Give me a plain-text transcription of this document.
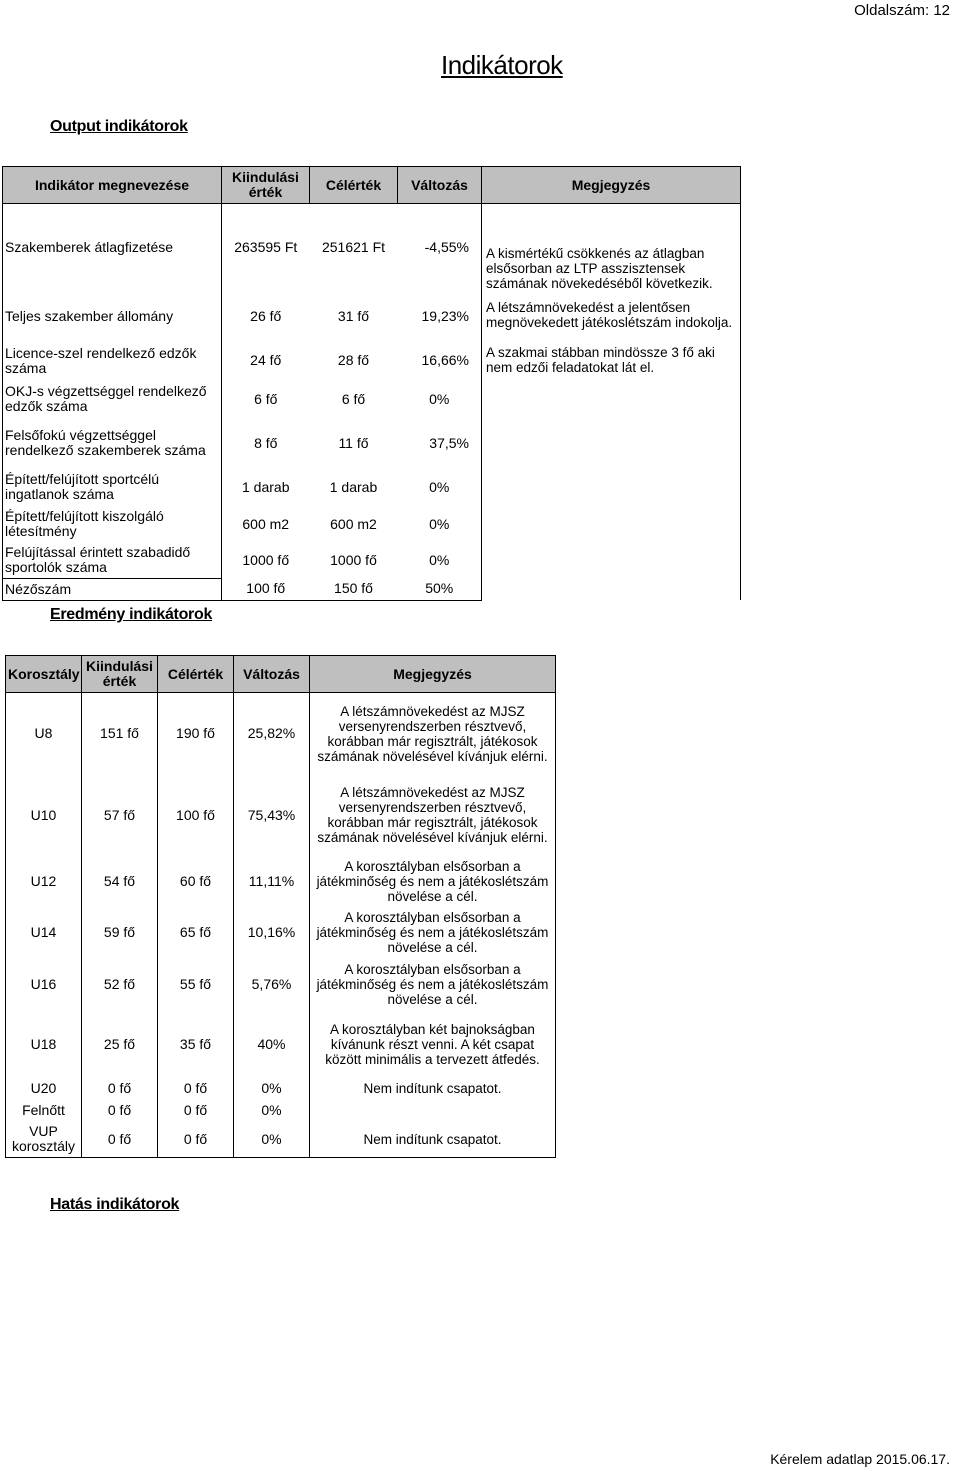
Oldalszám: 12
Indikátorok
Output indikátorok
Indikátor megnevezése	Kiindulási érték	Célérték	Változás	Megjegyzés
Szakemberek átlagfizetése	263595 Ft	251621 Ft	-4,55%	A kismértékű csökkenés az átlagban elsősorban az LTP asszisztensek számának növekedéséből következik.
Teljes szakember állomány	26 fő	31 fő	19,23%	A létszámnövekedést a jelentősen megnövekedett játékoslétszám indokolja.
Licence-szel rendelkező edzők száma	24 fő	28 fő	16,66%	A szakmai stábban mindössze 3 fő aki nem edzői feladatokat lát el.
OKJ-s végzettséggel rendelkező edzők száma	6 fő	6 fő	0%	
Felsőfokú végzettséggel rendelkező szakemberek száma	8 fő	11 fő	37,5%	
Épített/felújított sportcélú ingatlanok száma	1 darab	1 darab	0%	
Épített/felújított kiszolgáló létesítmény	600 m2	600 m2	0%	
Felújítással érintett szabadidő sportolók száma	1000 fő	1000 fő	0%	
Nézőszám	100 fő	150 fő	50%	
Eredmény indikátorok
Korosztály	Kiindulási érték	Célérték	Változás	Megjegyzés
U8	151 fő	190 fő	25,82%	A létszámnövekedést az MJSZ versenyrendszerben résztvevő, korábban már regisztrált, játékosok számának növelésével kívánjuk elérni.
U10	57 fő	100 fő	75,43%	A létszámnövekedést az MJSZ versenyrendszerben résztvevő, korábban már regisztrált, játékosok számának növelésével kívánjuk elérni.
U12	54 fő	60 fő	11,11%	A korosztályban elsősorban a játékminőség és nem a játékoslétszám növelése a cél.
U14	59 fő	65 fő	10,16%	A korosztályban elsősorban a játékminőség és nem a játékoslétszám növelése a cél.
U16	52 fő	55 fő	5,76%	A korosztályban elsősorban a játékminőség és nem a játékoslétszám növelése a cél.
U18	25 fő	35 fő	40%	A korosztályban két bajnokságban kívánunk részt venni. A két csapat között minimális a tervezett átfedés.
U20	0 fő	0 fő	0%	Nem indítunk csapatot.
Felnőtt	0 fő	0 fő	0%	
VUP korosztály	0 fő	0 fő	0%	Nem indítunk csapatot.
Hatás indikátorok
Kérelem adatlap 2015.06.17.
